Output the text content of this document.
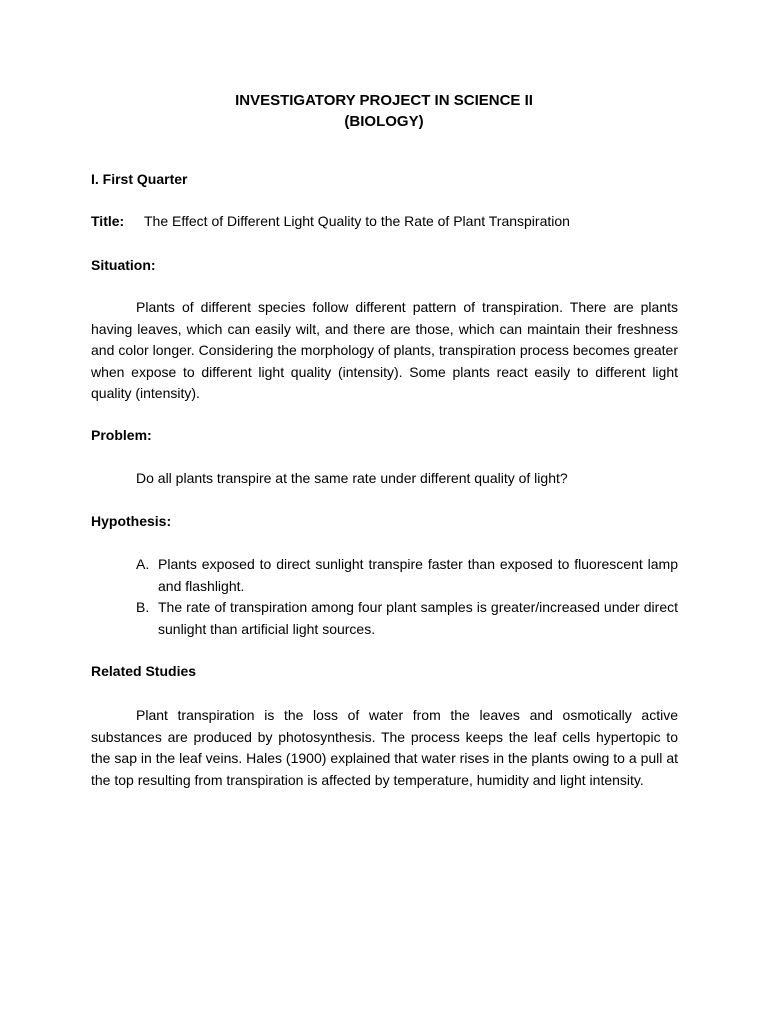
INVESTIGATORY PROJECT IN SCIENCE II
(BIOLOGY)
I. First Quarter
Title: The Effect of Different Light Quality to the Rate of Plant Transpiration
Situation:

Plants of different species follow different pattern of transpiration. There are plants having leaves, which can easily wilt, and there are those, which can maintain their freshness and color longer. Considering the morphology of plants, transpiration process becomes greater when expose to different light quality (intensity). Some plants react easily to different light quality (intensity).

Problem:
Do all plants transpire at the same rate under different quality of light?
Hypothesis:
A. Plants exposed to direct sunlight transpire faster than exposed to fluorescent lamp and flashlight.
B. The rate of transpiration among four plant samples is greater/increased under direct sunlight than artificial light sources.
Related Studies

Plant transpiration is the loss of water from the leaves and osmotically active substances are produced by photosynthesis. The process keeps the leaf cells hypertopic to the sap in the leaf veins. Hales (1900) explained that water rises in the plants owing to a pull at the top resulting from transpiration is affected by temperature, humidity and light intensity.
